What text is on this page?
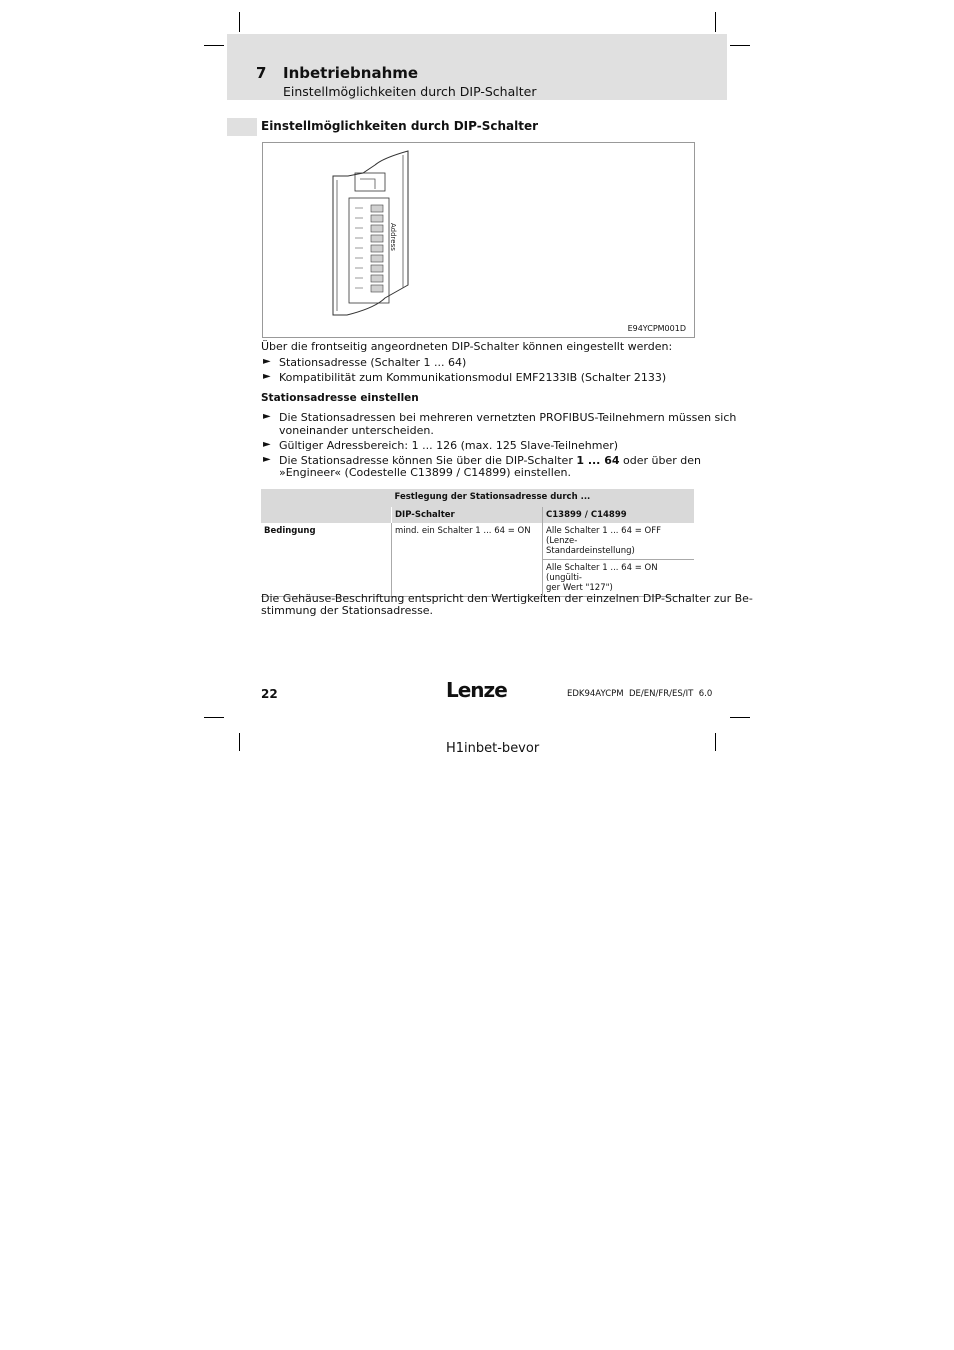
7 Inbetriebnahme
Einstellmöglichkeiten durch DIP-Schalter
Einstellmöglichkeiten durch DIP-Schalter
Address
E94YCPM001D
Über die frontseitig angeordneten DIP-Schalter können eingestellt werden:
► Stationsadresse (Schalter 1 ... 64)
► Kompatibilität zum Kommunikationsmodul EMF2133IB (Schalter 2133)
Stationsadresse einstellen
► Die Stationsadressen bei mehreren vernetzten PROFIBUS-Teilnehmern müssen sich
voneinander unterscheiden.
► Gültiger Adressbereich: 1 ... 126 (max. 125 Slave-Teilnehmer)
► Die Stationsadresse können Sie über die DIP-Schalter 1 ... 64 oder über den
»Engineer« (Codestelle C13899 / C14899) einstellen.
	Festlegung der Stationsadresse durch ...	
	DIP-Schalter	C13899 / C14899
Bedingung	mind. ein Schalter 1 ... 64 = ON	Alle Schalter 1 ... 64 = OFF (Lenze-
Standardeinstellung)

		Alle Schalter 1 ... 64 = ON (ungülti-
ger Wert "127")
Die Gehäuse-Beschriftung entspricht den Wertigkeiten der einzelnen DIP-Schalter zur Be-
stimmung der Stationsadresse.
22	Lenze	EDK94AYCPM  DE/EN/FR/ES/IT  6.0
H1inbet-bevor
